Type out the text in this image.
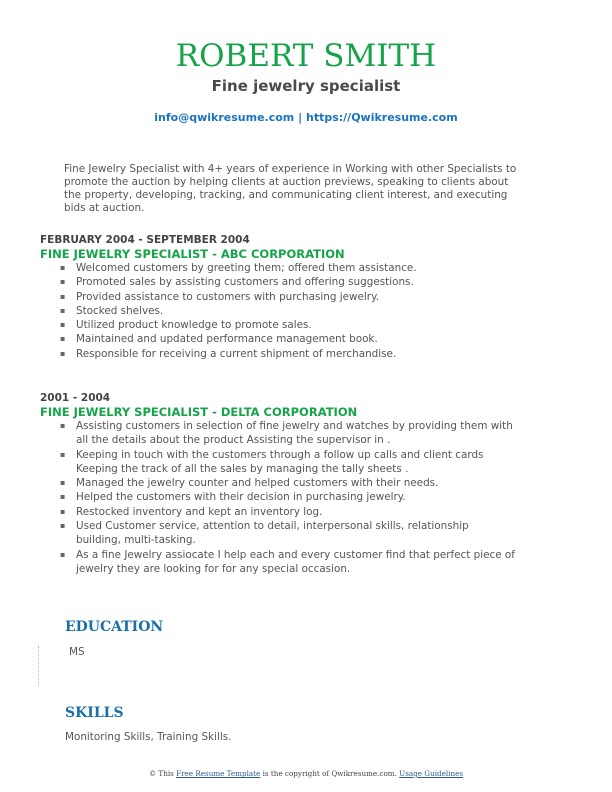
ROBERT SMITH
Fine jewelry specialist
info@qwikresume.com | https://Qwikresume.com
Fine Jewelry Specialist with 4+ years of experience in Working with other Specialists to promote the auction by helping clients at auction previews, speaking to clients about the property, developing, tracking, and communicating client interest, and executing bids at auction.
FEBRUARY 2004 - SEPTEMBER 2004
FINE JEWELRY SPECIALIST - ABC CORPORATION
▪ Welcomed customers by greeting them; offered them assistance.
▪ Promoted sales by assisting customers and offering suggestions.
▪ Provided assistance to customers with purchasing jewelry.
▪ Stocked shelves.
▪ Utilized product knowledge to promote sales.
▪ Maintained and updated performance management book.
▪ Responsible for receiving a current shipment of merchandise.
2001 - 2004
FINE JEWELRY SPECIALIST - DELTA CORPORATION
▪ Assisting customers in selection of fine jewelry and watches by providing them with all the details about the product Assisting the supervisor in .
▪ Keeping in touch with the customers through a follow up calls and client cards Keeping the track of all the sales by managing the tally sheets .
▪ Managed the jewelry counter and helped customers with their needs.
▪ Helped the customers with their decision in purchasing jewelry.
▪ Restocked inventory and kept an inventory log.
▪ Used Customer service, attention to detail, interpersonal skills, relationship building, multi-tasking.
▪ As a fine Jewelry assiocate I help each and every customer find that perfect piece of jewelry they are looking for for any special occasion.
EDUCATION
MS
SKILLS
Monitoring Skills, Training Skills.
© This Free Resume Template is the copyright of Qwikresume.com. Usage Guidelines
